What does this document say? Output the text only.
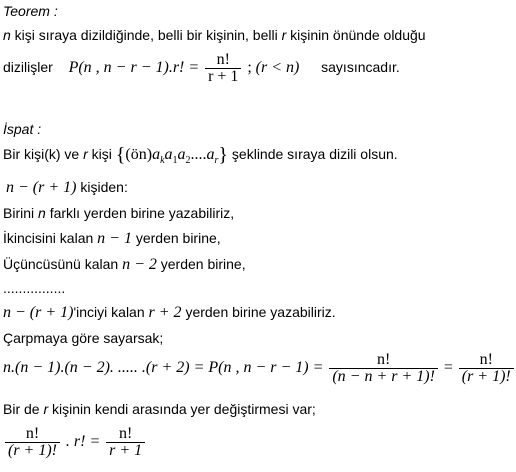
Teorem :
n kişi sıraya dizildiğinde, belli bir kişinin, belli r kişinin önünde olduğu
dizilişler P(n , n − r − 1).r! = $\frac{n!}{r + 1}$ ; (r < n) sayısıncadır.
İspat :
Bir kişi(k) ve r kişi $\{(ön)a_ka_1a_2....a_r\}$ şeklinde sıraya dizili olsun.
n − (r + 1) kişiden:
Birini n farklı yerden birine yazabiliriz,
İkincisini kalan n − 1 yerden birine,
Üçüncüsünü kalan n − 2 yerden birine,
................
n − (r + 1)'inciyi kalan r + 2 yerden birine yazabiliriz.
Çarpmaya göre sayarsak;
n.(n − 1).(n − 2). ..... .(r + 2) = P(n , $n - r - 1) = \frac{n!}{(n - n + r + 1)!} = \frac{n!}{(r + 1)!}$
Bir de r kişinin kendi arasında yer değiştirmesi var;
$\frac{n!}{(r + 1)!}$ . r! = $\frac{n!}{r + 1}$
